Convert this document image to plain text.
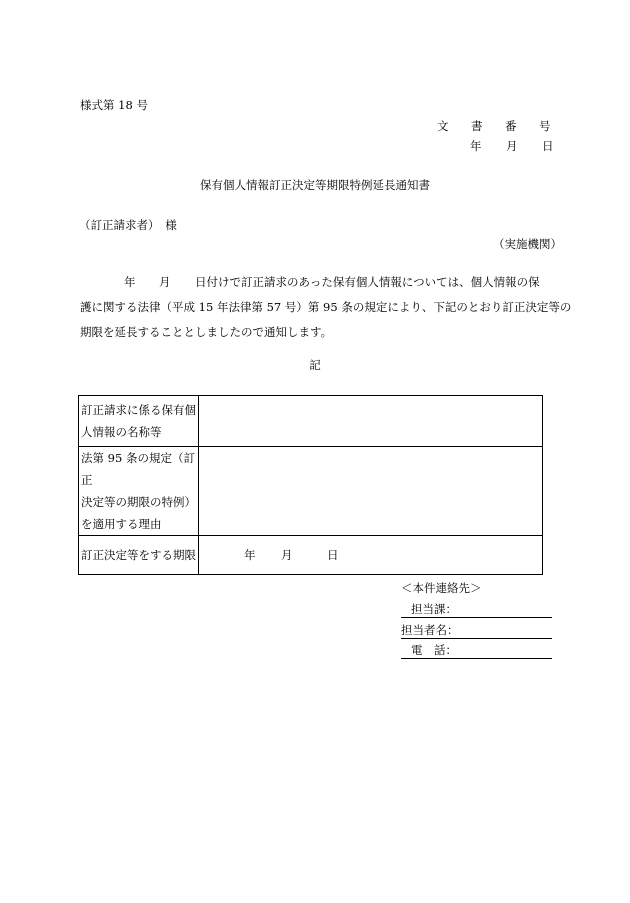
様式第 18 号
文 書 番 号
年 月 日
保有個人情報訂正決定等期限特例延長通知書
（訂正請求者）　様
（実施機関）
年 月 日付けで訂正請求のあった保有個人情報については、個人情報の保
護に関する法律（平成 15 年法律第 57 号）第 95 条の規定により、下記のとおり訂正決定等の
期限を延長することとしましたので通知します。
記
訂正請求に係る保有個
人情報の名称等	

法第 95 条の規定（訂正
決定等の期限の特例）
を適用する理由	

訂正決定等をする期限	年 月 日
＜本件連絡先＞
担当課：
担当者名：
電　話：
